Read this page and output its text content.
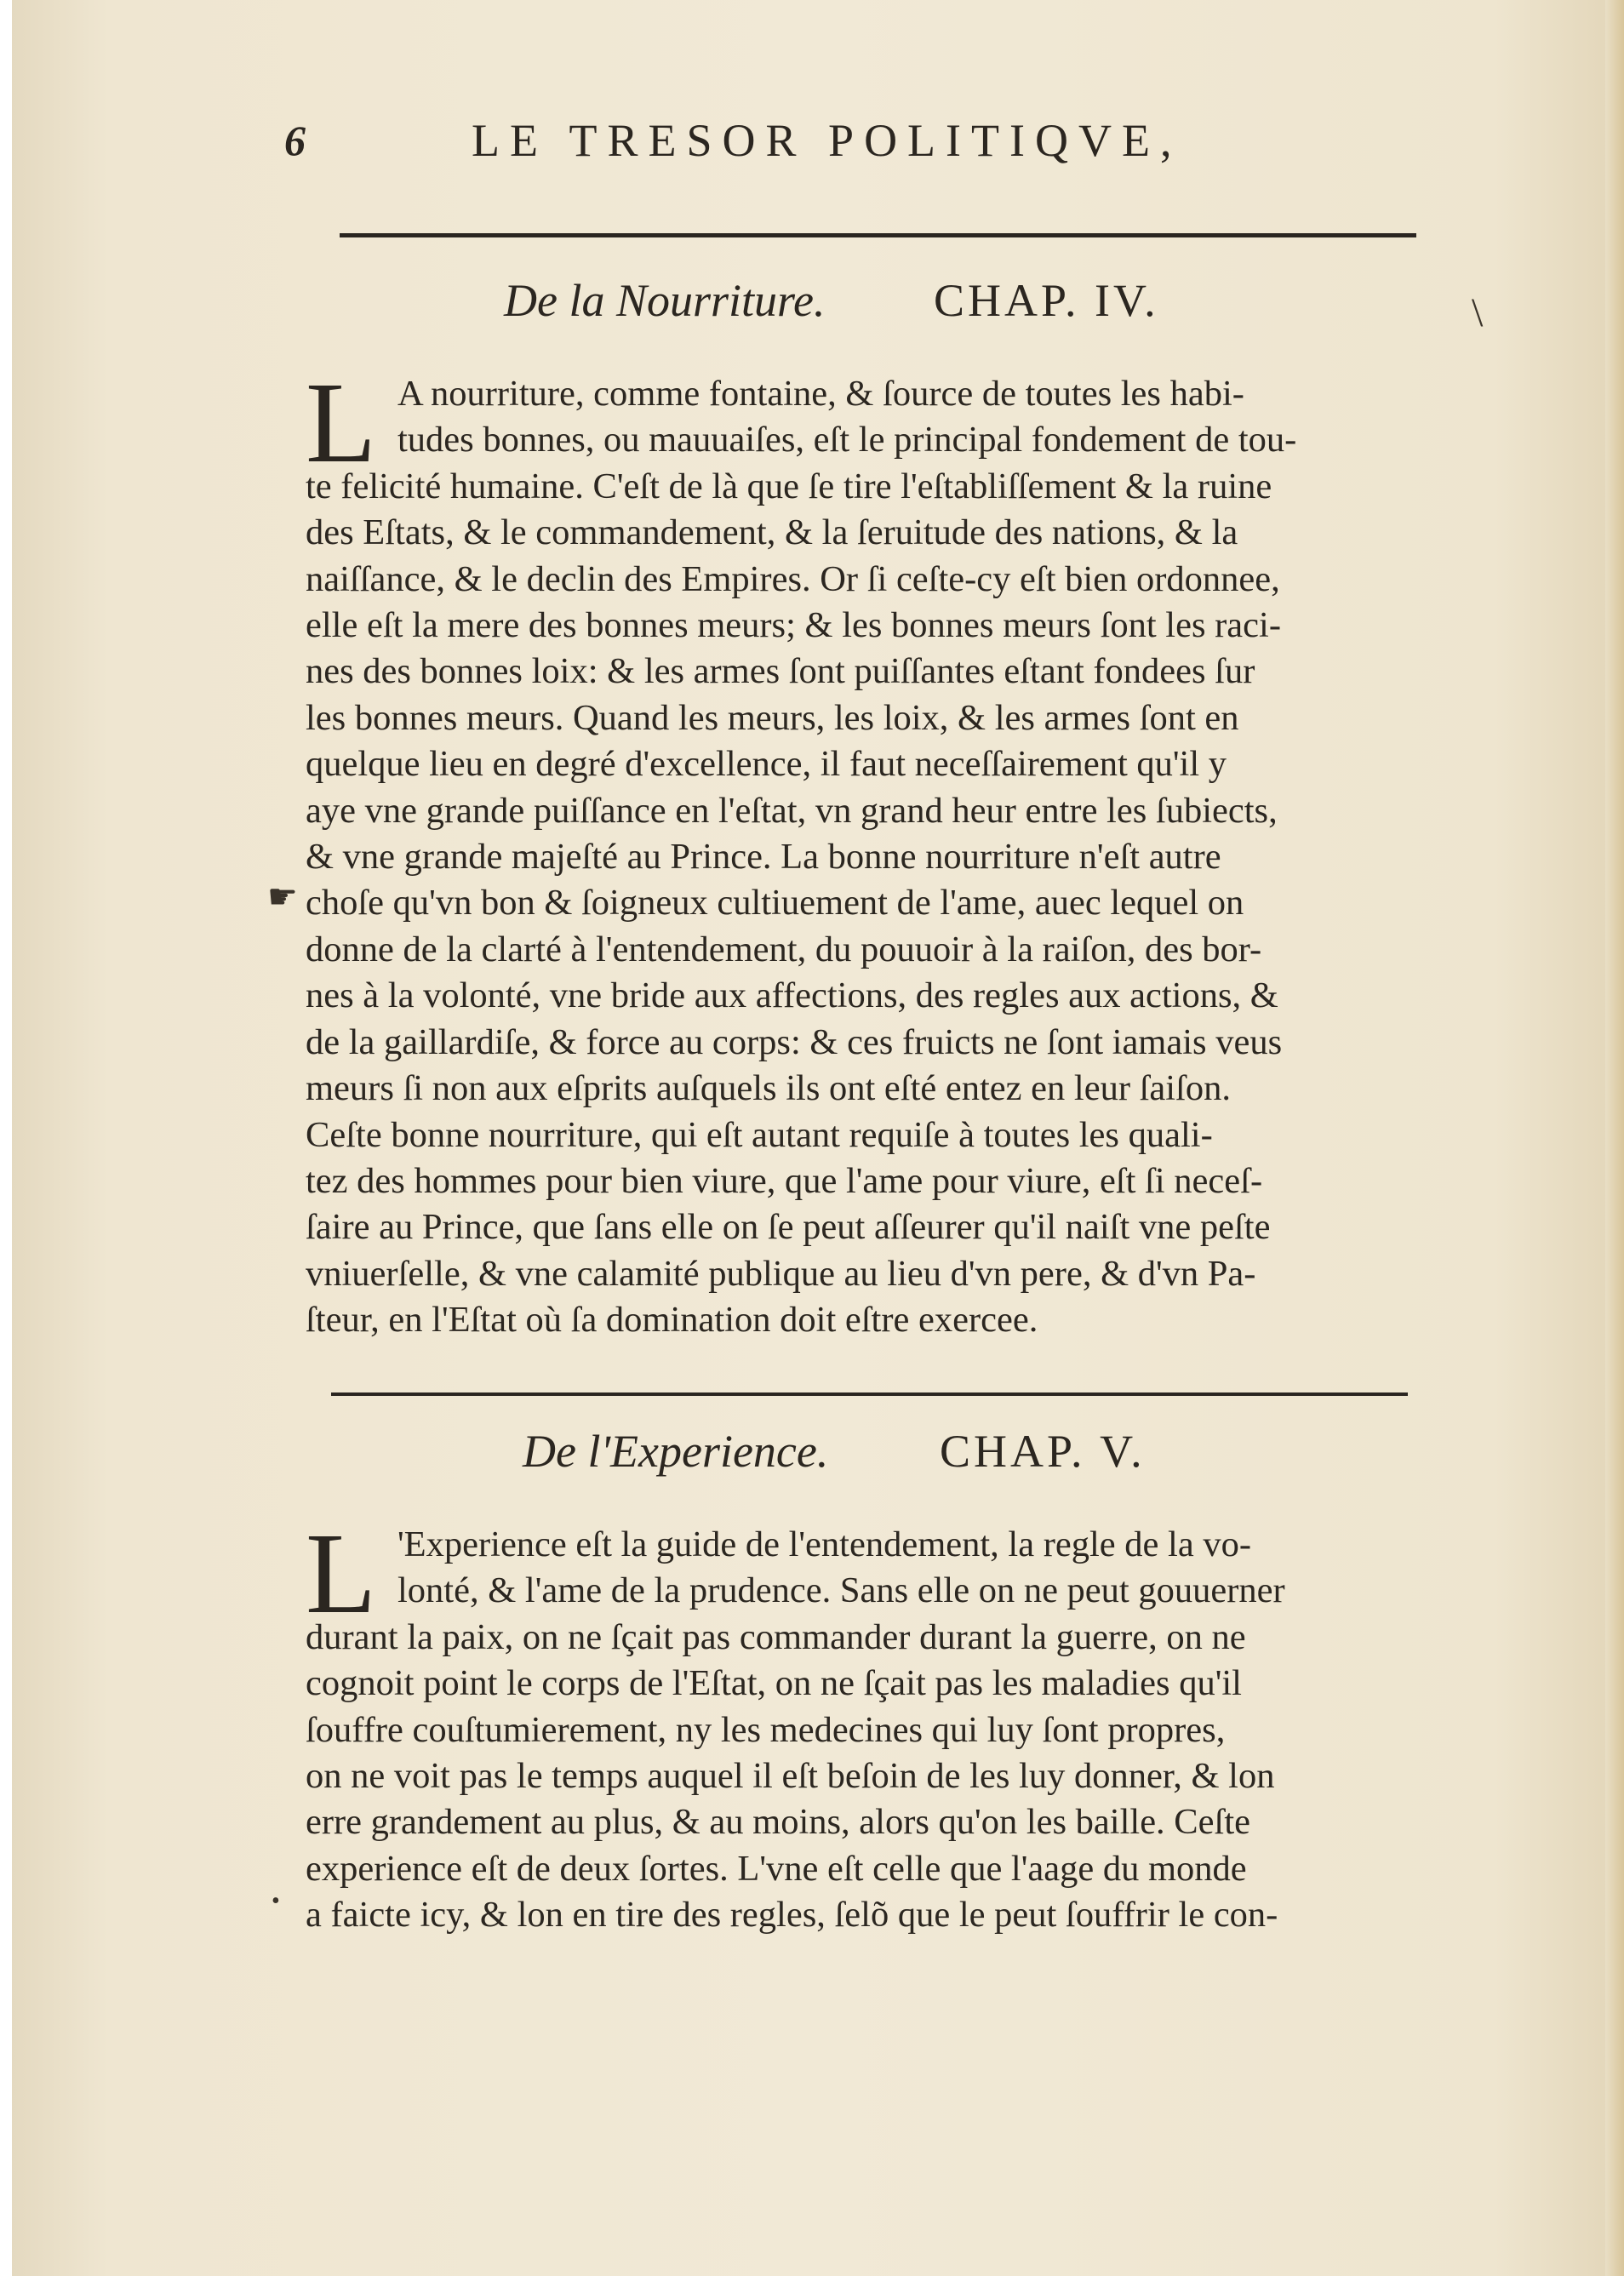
LE TRESOR POLITIQVE,
6
De la Nourriture. CHAP. IV.
L A nourriture, comme fontaine, & ſource de toutes les habi-
tudes bonnes, ou mauuaiſes, eſt le principal fondement de tou-
te felicité humaine. C'eſt de là que ſe tire l'eſtabliſſement & la ruine
des Eſtats, & le commandement, & la ſeruitude des nations, & la
naiſſance, & le declin des Empires. Or ſi ceſte-cy eſt bien ordonnee,
elle eſt la mere des bonnes meurs; & les bonnes meurs ſont les raci-
nes des bonnes loix: & les armes ſont puiſſantes eſtant fondees ſur
les bonnes meurs. Quand les meurs, les loix, & les armes ſont en
quelque lieu en degré d'excellence, il faut neceſſairement qu'il y
aye vne grande puiſſance en l'eſtat, vn grand heur entre les ſubiects,
& vne grande majeſté au Prince. La bonne nourriture n'eſt autre
choſe qu'vn bon & ſoigneux cultiuement de l'ame, auec lequel on
donne de la clarté à l'entendement, du pouuoir à la raiſon, des bor-
nes à la volonté, vne bride aux affections, des regles aux actions, &
de la gaillardiſe, & force au corps: & ces fruicts ne ſont iamais veus
meurs ſi non aux eſprits auſquels ils ont eſté entez en leur ſaiſon.
Ceſte bonne nourriture, qui eſt autant requiſe à toutes les quali-
tez des hommes pour bien viure, que l'ame pour viure, eſt ſi neceſ-
ſaire au Prince, que ſans elle on ſe peut aſſeurer qu'il naiſt vne peſte
vniuerſelle, & vne calamité publique au lieu d'vn pere, & d'vn Pa-
ſteur, en l'Eſtat où ſa domination doit eſtre exercee.
De l'Experience. CHAP. V.
L 'Experience eſt la guide de l'entendement, la regle de la vo-
lonté, & l'ame de la prudence. Sans elle on ne peut gouuerner
durant la paix, on ne ſçait pas commander durant la guerre, on ne
cognoit point le corps de l'Eſtat, on ne ſçait pas les maladies qu'il
ſouffre couſtumierement, ny les medecines qui luy ſont propres,
on ne voit pas le temps auquel il eſt beſoin de les luy donner, & lon
erre grandement au plus, & au moins, alors qu'on les baille. Ceſte
experience eſt de deux ſortes. L'vne eſt celle que l'aage du monde
a faicte icy, & lon en tire des regles, ſelõ que le peut ſouffrir le con-
☛
•
\
